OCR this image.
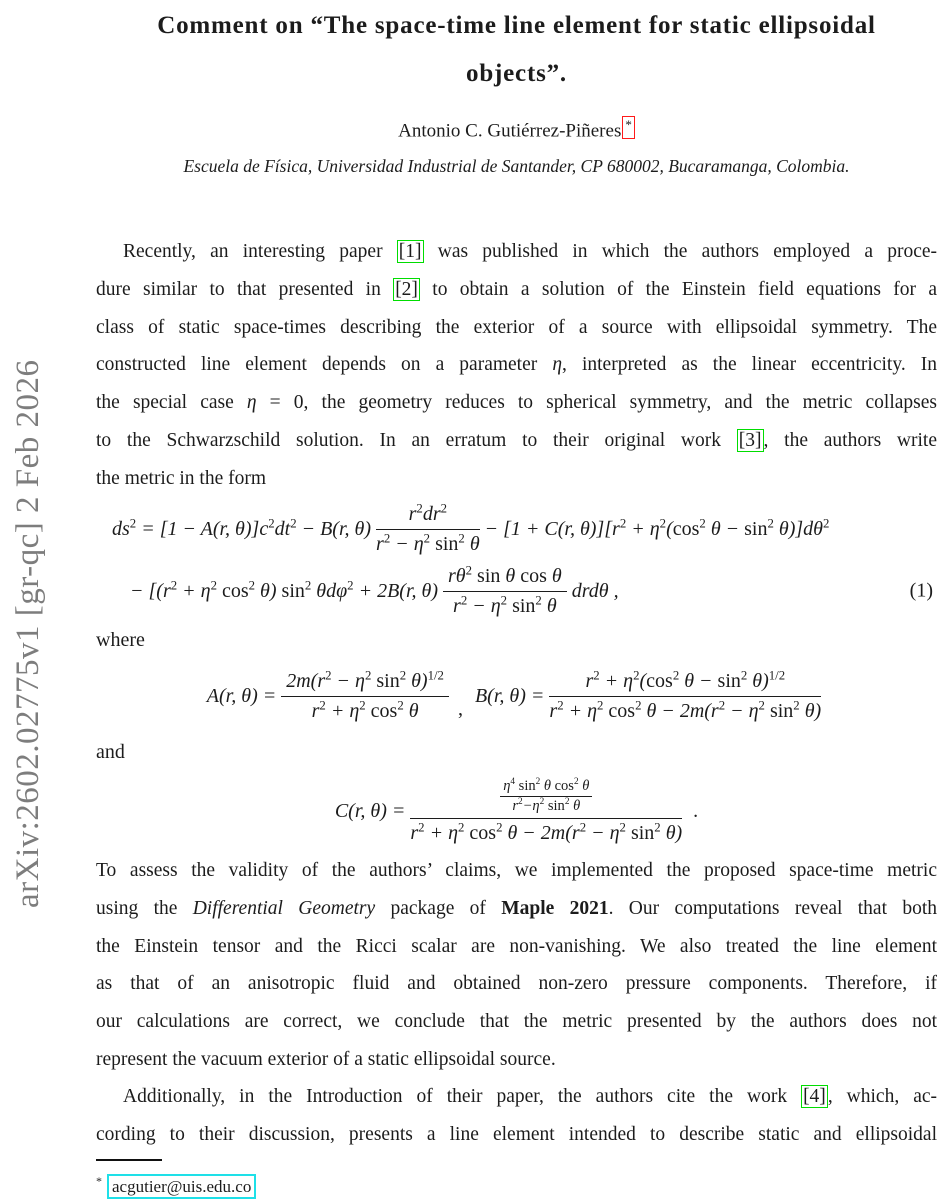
arXiv:2602.02775v1 [gr-qc] 2 Feb 2026
Comment on “The space-time line element for static ellipsoidal
objects”.
Antonio C. Gutiérrez-Piñeres *
Escuela de Física, Universidad Industrial de Santander, CP 680002, Bucaramanga, Colombia.
Recently, an interesting paper [1] was published in which the authors employed a proce-
dure similar to that presented in [2] to obtain a solution of the Einstein field equations for a
class of static space-times describing the exterior of a source with ellipsoidal symmetry. The
constructed line element depends on a parameter η, interpreted as the linear eccentricity. In
the special case η = 0, the geometry reduces to spherical symmetry, and the metric collapses
to the Schwarzschild solution. In an erratum to their original work [3] , the authors write
the metric in the form
$ds^2 = [1 - A(r$, $\theta)]c^2dt^2 - B(r$, $\theta) \frac{r^2dr^2}{r^2 - \eta^2 \sin^2 \theta} - [1 + C(r$, $\theta)][r^2 + \eta^2(\cos^2$ $\theta - \sin^2 \theta)]d\theta^2$
− [($r^2 + \eta^2$ $\cos^2 \theta$) $\sin^2 \theta d\varphi^2 + 2B(r$, $\theta) \frac{r\theta^2 \sin \theta \cos \theta}{r^2 - \eta^2 \sin^2 \theta}$ drdθ ,	(1)
where
A(r, $\theta) = \frac{2m(r^2 - \eta^2 \sin^2 \theta)^{1/2}}{r^2 + \eta^2 \cos^2 \theta}$ ,
B(r, $\theta) = \frac{r^2 + \eta^2(\cos^2 \theta - \sin^2 \theta)^{1/2}}{r^2 + \eta^2 \cos^2 \theta - 2m(r^2 - \eta^2 \sin^2 \theta)}$
and
C(r, $\theta) = \frac{\frac{\eta^4 \sin^2 \theta \cos^2 \theta}{r^2-\eta^2 \sin^2 \theta}}{r^2 + \eta^2 \cos^2 \theta - 2m(r^2 - \eta^2 \sin^2 \theta)}$ .
To assess the validity of the authors’ claims, we implemented the proposed space-time metric
using the Differential Geometry package of Maple 2021. Our computations reveal that both
the Einstein tensor and the Ricci scalar are non-vanishing. We also treated the line element
as that of an anisotropic fluid and obtained non-zero pressure components. Therefore, if
our calculations are correct, we conclude that the metric presented by the authors does not
represent the vacuum exterior of a static ellipsoidal source.
Additionally, in the Introduction of their paper, the authors cite the work [4] , which, ac-
cording to their discussion, presents a line element intended to describe static and ellipsoidal
* acgutier@uis.edu.co
